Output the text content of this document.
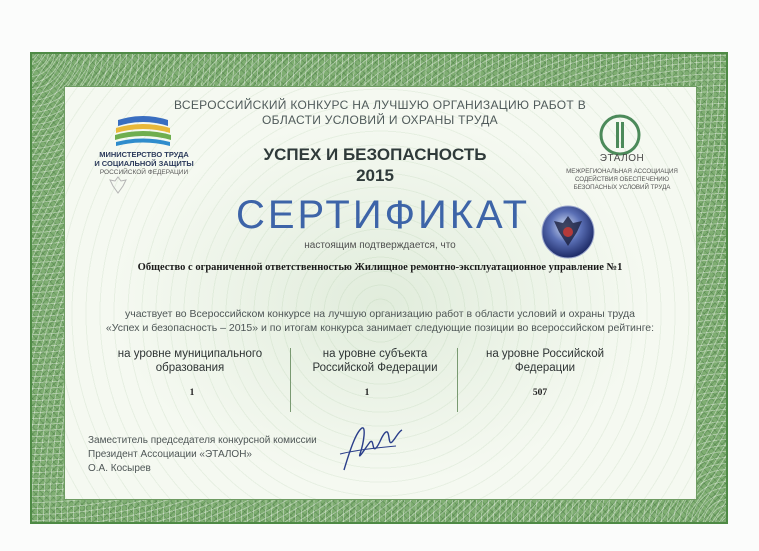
ВСЕРОССИЙСКИЙ КОНКУРС НА ЛУЧШУЮ ОРГАНИЗАЦИЮ РАБОТ В ОБЛАСТИ УСЛОВИЙ И ОХРАНЫ ТРУДА
МИНИСТЕРСТВО ТРУДА
И СОЦИАЛЬНОЙ ЗАЩИТЫ
РОССИЙСКОЙ ФЕДЕРАЦИИ
УСПЕХ И БЕЗОПАСНОСТЬ
2015
ЭТАЛОН
МЕЖРЕГИОНАЛЬНАЯ АССОЦИАЦИЯ
СОДЕЙСТВИЯ ОБЕСПЕЧЕНИЮ
БЕЗОПАСНЫХ УСЛОВИЙ ТРУДА
СЕРТИФИКАТ
настоящим подтверждается, что
Общество с ограниченной ответственностью Жилищное ремонтно-эксплуатационное управление №1
участвует во Всероссийском конкурсе на лучшую организацию работ в области условий и охраны труда
«Успех и безопасность – 2015» и по итогам конкурса занимает следующие позиции во всероссийском рейтинге:
на уровне муниципального
образования
на уровне субъекта
Российской Федерации
на уровне Российской
Федерации
1	1	507
Заместитель председателя конкурсной комиссии
Президент Ассоциации «ЭТАЛОН»
О.А. Косырев
